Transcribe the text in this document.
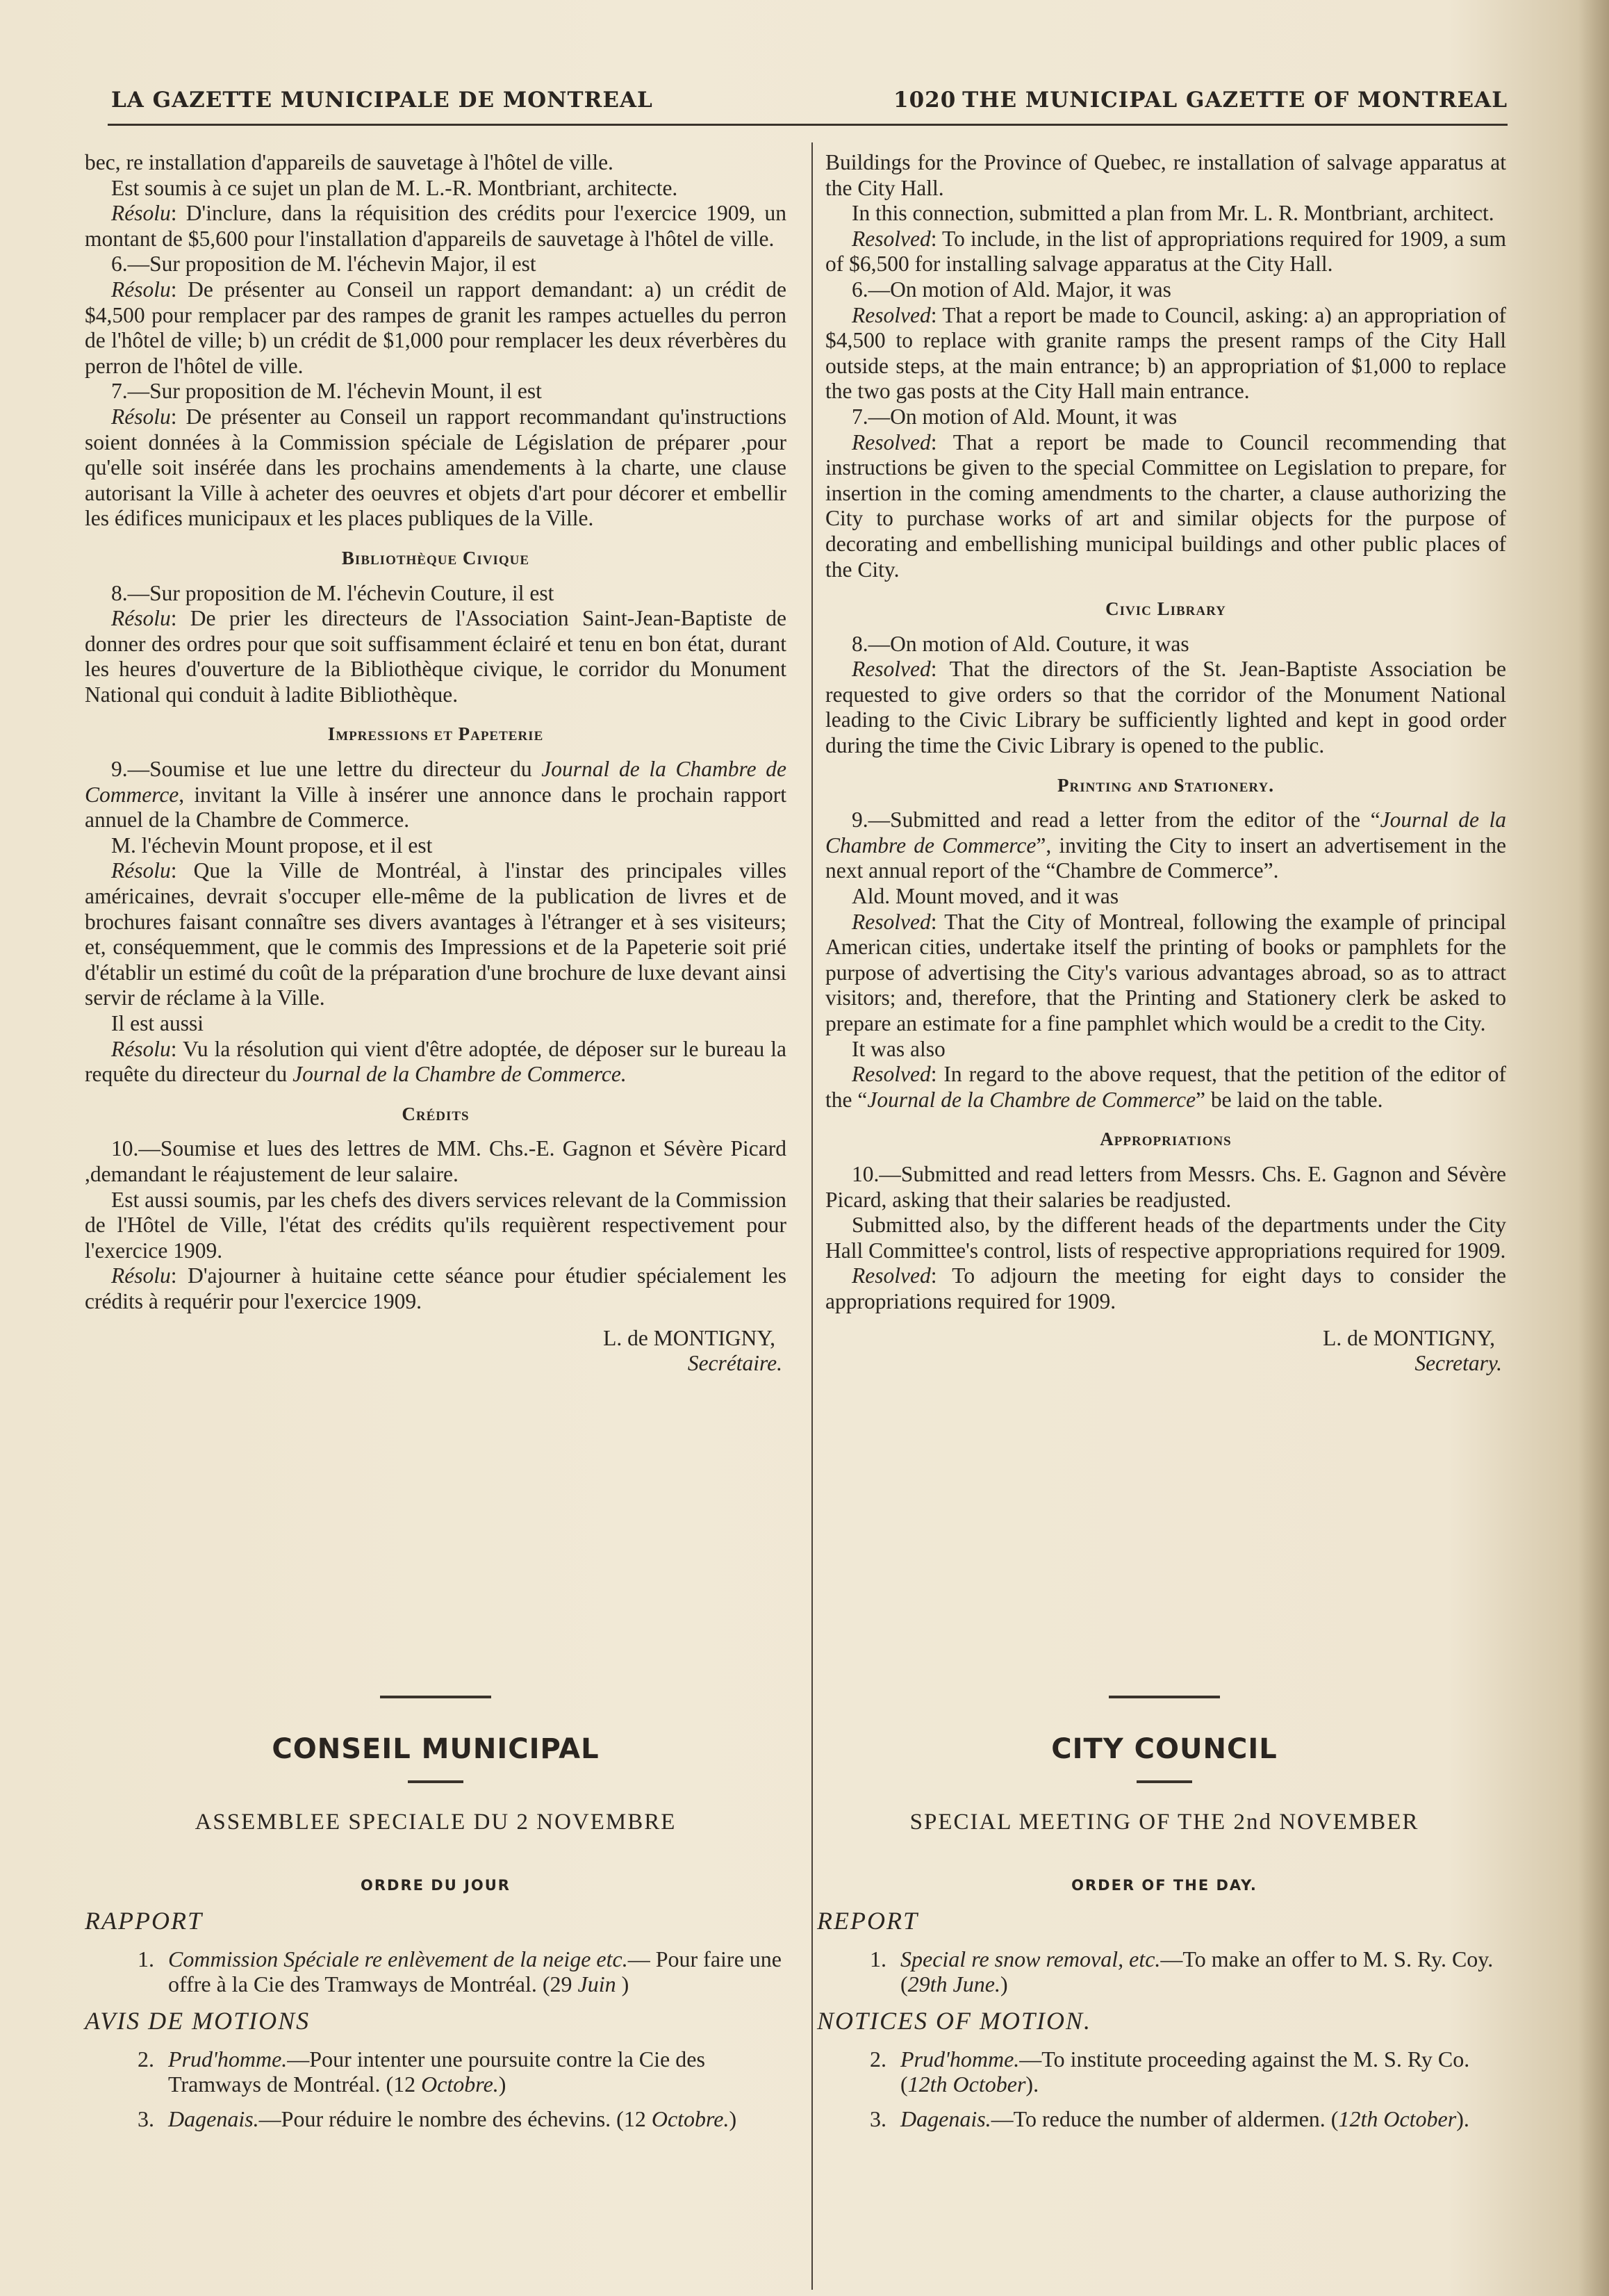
LA GAZETTE MUNICIPALE DE MONTREAL	1020 THE MUNICIPAL GAZETTE OF MONTREAL

bec, re installation d'appareils de sauvetage à l'hôtel de ville.

Est soumis à ce sujet un plan de M. L.-R. Montbriant, architecte.

Résolu: D'inclure, dans la réquisition des crédits pour l'exercice 1909, un montant de $5,600 pour l'installation d'appareils de sauvetage à l'hôtel de ville.

6.—Sur proposition de M. l'échevin Major, il est

Résolu: De présenter au Conseil un rapport demandant: a) un crédit de $4,500 pour remplacer par des rampes de granit les rampes actuelles du perron de l'hôtel de ville; b) un crédit de $1,000 pour remplacer les deux réverbères du perron de l'hôtel de ville.

7.—Sur proposition de M. l'échevin Mount, il est

Résolu: De présenter au Conseil un rapport recommandant qu'instructions soient données à la Commission spéciale de Législation de préparer ,pour qu'elle soit insérée dans les prochains amendements à la charte, une clause autorisant la Ville à acheter des oeuvres et objets d'art pour décorer et embellir les édifices municipaux et les places publiques de la Ville.

Bibliothèque Civique

8.—Sur proposition de M. l'échevin Couture, il est

Résolu: De prier les directeurs de l'Association Saint-Jean-Baptiste de donner des ordres pour que soit suffisamment éclairé et tenu en bon état, durant les heures d'ouverture de la Bibliothèque civique, le corridor du Monument National qui conduit à ladite Bibliothèque.

Impressions et Papeterie

9.—Soumise et lue une lettre du directeur du Journal de la Chambre de Commerce, invitant la Ville à insérer une annonce dans le prochain rapport annuel de la Chambre de Commerce.

M. l'échevin Mount propose, et il est

Résolu: Que la Ville de Montréal, à l'instar des principales villes américaines, devrait s'occuper elle-même de la publication de livres et de brochures faisant connaître ses divers avantages à l'étranger et à ses visiteurs; et, conséquemment, que le commis des Impressions et de la Papeterie soit prié d'établir un estimé du coût de la préparation d'une brochure de luxe devant ainsi servir de réclame à la Ville.

Il est aussi

Résolu: Vu la résolution qui vient d'être adoptée, de déposer sur le bureau la requête du directeur du Journal de la Chambre de Commerce.

Crédits

10.—Soumise et lues des lettres de MM. Chs.-E. Gagnon et Sévère Picard ,demandant le réajustement de leur salaire.

Est aussi soumis, par les chefs des divers services relevant de la Commission de l'Hôtel de Ville, l'état des crédits qu'ils requièrent respectivement pour l'exercice 1909.

Résolu: D'ajourner à huitaine cette séance pour étudier spécialement les crédits à requérir pour l'exercice 1909.

L. de MONTIGNY,

Secrétaire.

Buildings for the Province of Quebec, re installation of salvage apparatus at the City Hall.

In this connection, submitted a plan from Mr. L. R. Montbriant, architect.

Resolved: To include, in the list of appropriations required for 1909, a sum of $6,500 for installing salvage apparatus at the City Hall.

6.—On motion of Ald. Major, it was

Resolved: That a report be made to Council, asking: a) an appropriation of $4,500 to replace with granite ramps the present ramps of the City Hall outside steps, at the main entrance; b) an appropriation of $1,000 to replace the two gas posts at the City Hall main entrance.

7.—On motion of Ald. Mount, it was

Resolved: That a report be made to Council recommending that instructions be given to the special Committee on Legislation to prepare, for insertion in the coming amendments to the charter, a clause authorizing the City to purchase works of art and similar objects for the purpose of decorating and embellishing municipal buildings and other public places of the City.

Civic Library

8.—On motion of Ald. Couture, it was

Resolved: That the directors of the St. Jean-Baptiste Association be requested to give orders so that the corridor of the Monument National leading to the Civic Library be sufficiently lighted and kept in good order during the time the Civic Library is opened to the public.

Printing and Stationery.

9.—Submitted and read a letter from the editor of the “Journal de la Chambre de Commerce”, inviting the City to insert an advertisement in the next annual report of the “Chambre de Commerce”.

Ald. Mount moved, and it was

Resolved: That the City of Montreal, following the example of principal American cities, undertake itself the printing of books or pamphlets for the purpose of advertising the City's various advantages abroad, so as to attract visitors; and, therefore, that the Printing and Stationery clerk be asked to prepare an estimate for a fine pamphlet which would be a credit to the City.

It was also

Resolved: In regard to the above request, that the petition of the editor of the “Journal de la Chambre de Commerce” be laid on the table.

Appropriations

10.—Submitted and read letters from Messrs. Chs. E. Gagnon and Sévère Picard, asking that their salaries be readjusted.

Submitted also, by the different heads of the departments under the City Hall Committee's control, lists of respective appropriations required for 1909.

Resolved: To adjourn the meeting for eight days to consider the appropriations required for 1909.

L. de MONTIGNY,

Secretary.

CONSEIL MUNICIPAL
ASSEMBLEE SPECIALE DU 2 NOVEMBRE
ORDRE DU JOUR
RAPPORT
1. Commission Spéciale re enlèvement de la neige etc.— Pour faire une offre à la Cie des Tramways de Montréal. (29 Juin )
AVIS DE MOTIONS
2. Prud'homme.—Pour intenter une poursuite contre la Cie des Tramways de Montréal. (12 Octobre.)
3. Dagenais.—Pour réduire le nombre des échevins. (12 Octobre.)
CITY COUNCIL
SPECIAL MEETING OF THE 2nd NOVEMBER
ORDER OF THE DAY.
REPORT
1. Special re snow removal, etc.—To make an offer to M. S. Ry. Coy. (29th June.)
NOTICES OF MOTION.
2. Prud'homme.—To institute proceeding against the M. S. Ry Co. (12th October).
3. Dagenais.—To reduce the number of aldermen. (12th October).
